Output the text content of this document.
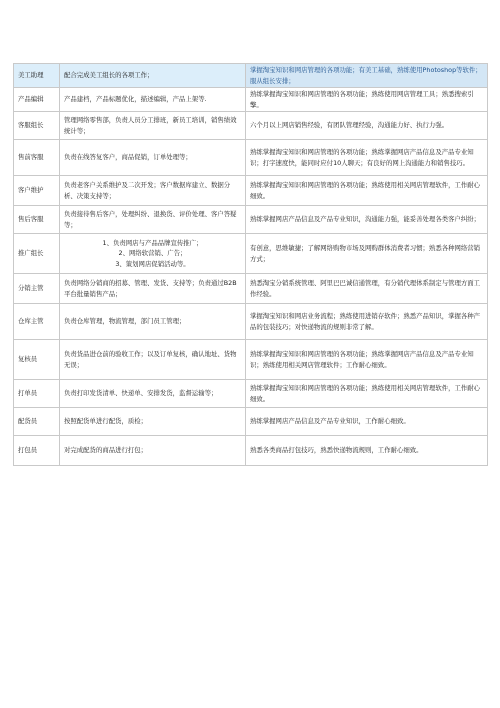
美工助理	配合完成美工组长的各项工作；	掌握淘宝知识和网店管理的各项功能；有美工基础，熟练使用Photoshop等软件；服从组长安排；
产品编辑	产品建档，产品标题优化，描述编辑，产品上架等.	熟练掌握淘宝知识和网店管理的各项功能；熟练使用网店管理工具；熟悉搜索引擎。
客服组长	管理网络零售部，负责人员分工排班，新员工培训，销售绩效统计等；	六个月以上网店销售经验，有团队管理经验，沟通能力好、执行力强。
售前客服	负责在线答复客户，商品促销，订单处理等；	熟练掌握淘宝知识和网店管理的各项功能；熟练掌握网店产品信息及产品专业知识；打字速度快，能同时应付10人聊天；有良好的网上沟通能力和销售技巧。
客户维护	负责老客户关系维护及二次开发；客户数据库建立、数据分析、决策支持等；	熟练掌握淘宝知识和网店管理的各项功能；熟练使用相关网店管理软件，工作耐心细致。
售后客服	负责接待售后客户，处理纠纷、退换货、评价处理、客户答疑等；	熟练掌握网店产品信息及产品专业知识，沟通能力强，能妥善处理各类客户纠纷；
推广组长	1、负责网店与产品品牌宣传推广；
2、网络软营销、广告；
3、策划网店促销活动等。	有创意，思维敏捷；了解网络购物市场及网购群体消费者习惯；熟悉各种网络营销方式；
分销主管	负责网络分销商的招募、管理、发货、支持等；负责通过B2B平台批量销售产品；	熟悉淘宝分销系统管理、阿里巴巴诚信通管理，有分销代理体系制定与管理方面工作经验。
仓库主管	负责仓库管理，物流管理，部门员工管理；	掌握淘宝知识和网店业务流程；熟练使用进销存软件；熟悉产品知识，掌握各种产品的包装技巧；对快递物流的规则非常了解。
复核员	负责货品进仓前的验收工作；以及订单复核，确认地址、货物无误；	熟练掌握淘宝知识和网店管理的各项功能；熟练掌握网店产品信息及产品专业知识；熟练使用相关网店管理软件；工作耐心细致。
打单员	负责打印发货清单、快递单、安排发货，监督运输等；	熟练掌握淘宝知识和网店管理的各项功能；熟练使用相关网店管理软件，工作耐心细致。
配货员	按照配货单进行配货，质检；	熟练掌握网店产品信息及产品专业知识，工作耐心细致。
打包员	对完成配货的商品进行打包；	熟悉各类商品打包技巧，熟悉快递物流规则，工作耐心细致。
